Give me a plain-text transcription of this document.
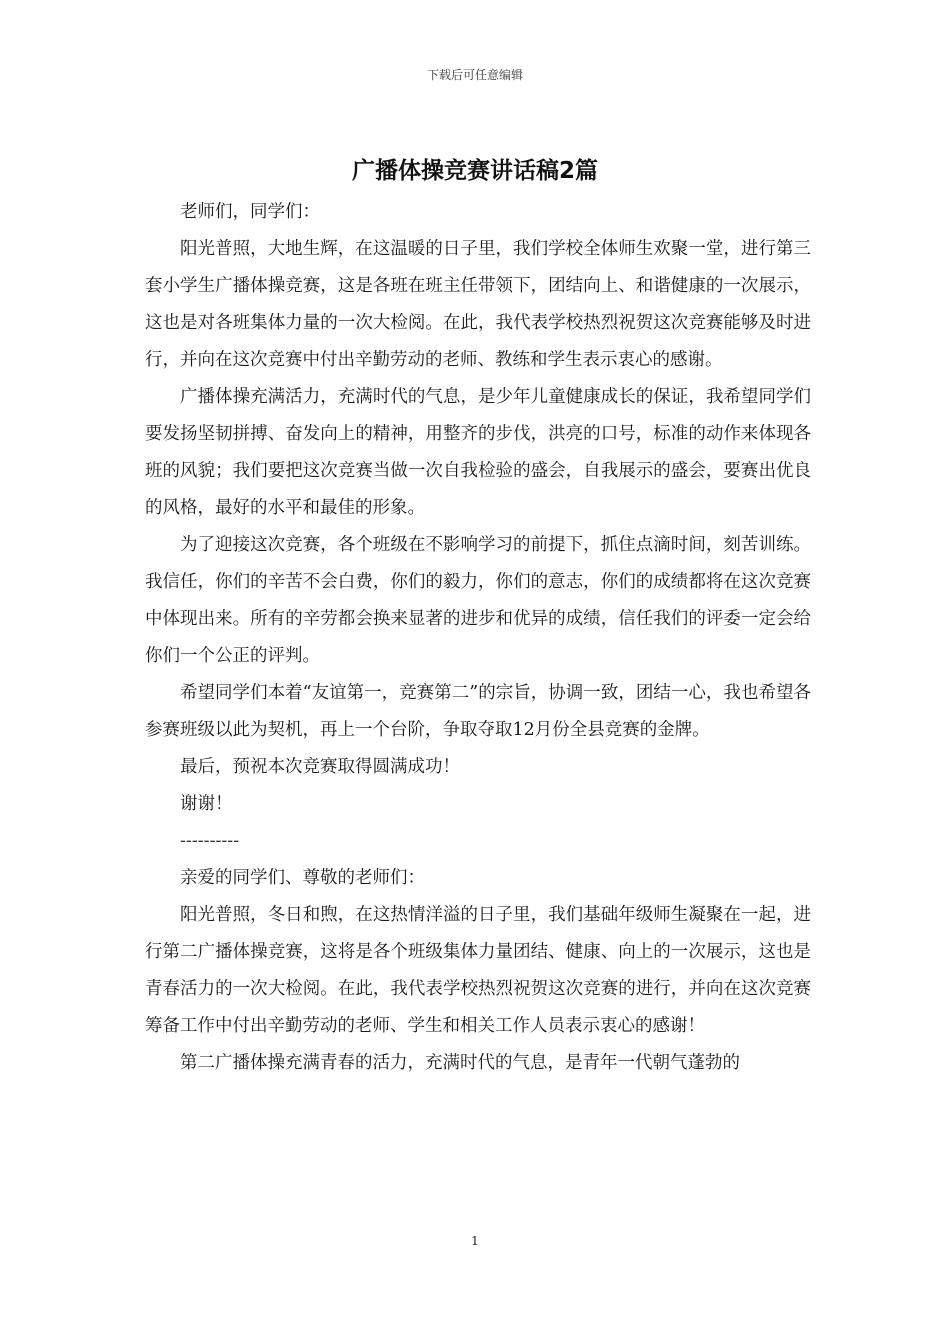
下载后可任意编辑
广播体操竞赛讲话稿2篇

老师们，同学们：

阳光普照，大地生辉，在这温暖的日子里，我们学校全体师生欢聚一堂，进行第三套小学生广播体操竞赛，这是各班在班主任带领下，团结向上、和谐健康的一次展示，这也是对各班集体力量的一次大检阅。在此，我代表学校热烈祝贺这次竞赛能够及时进行，并向在这次竞赛中付出辛勤劳动的老师、教练和学生表示衷心的感谢。

广播体操充满活力，充满时代的气息，是少年儿童健康成长的保证，我希望同学们要发扬坚韧拼搏、奋发向上的精神，用整齐的步伐，洪亮的口号，标准的动作来体现各班的风貌；我们要把这次竞赛当做一次自我检验的盛会，自我展示的盛会，要赛出优良的风格，最好的水平和最佳的形象。

为了迎接这次竞赛，各个班级在不影响学习的前提下，抓住点滴时间，刻苦训练。我信任，你们的辛苦不会白费，你们的毅力，你们的意志，你们的成绩都将在这次竞赛中体现出来。所有的辛劳都会换来显著的进步和优异的成绩，信任我们的评委一定会给你们一个公正的评判。

希望同学们本着“友谊第一，竞赛第二”的宗旨，协调一致，团结一心，我也希望各参赛班级以此为契机，再上一个台阶，争取夺取12月份全县竞赛的金牌。

最后，预祝本次竞赛取得圆满成功！

谢谢！

----------

亲爱的同学们、尊敬的老师们：

阳光普照，冬日和煦，在这热情洋溢的日子里，我们基础年级师生凝聚在一起，进行第二广播体操竞赛，这将是各个班级集体力量团结、健康、向上的一次展示，这也是青春活力的一次大检阅。在此，我代表学校热烈祝贺这次竞赛的进行，并向在这次竞赛筹备工作中付出辛勤劳动的老师、学生和相关工作人员表示衷心的感谢！

第二广播体操充满青春的活力，充满时代的气息，是青年一代朝气蓬勃的

1
